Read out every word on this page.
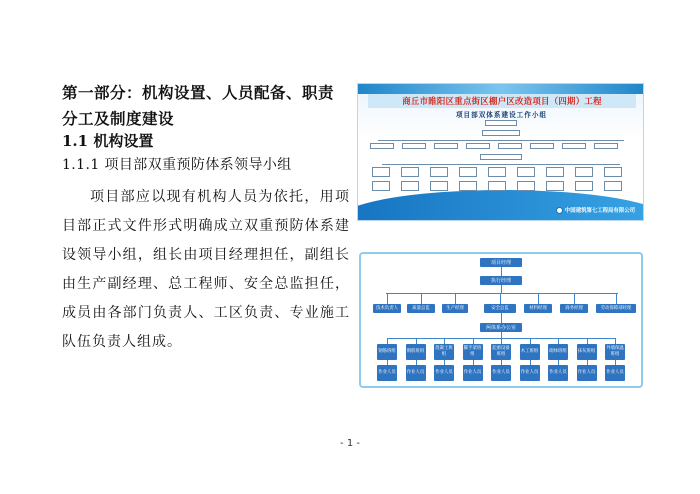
第一部分：机构设置、人员配备、职责分工及制度建设
1.1 机构设置
1.1.1 项目部双重预防体系领导小组

项目部应以现有机构人员为依托，用项目部正式文件形式明确成立双重预防体系建设领导小组，组长由项目经理担任，副组长由生产副经理、总工程师、安全总监担任，成员由各部门负责人、工区负责、专业施工队伍负责人组成。

- 1 -
商丘市睢阳区重点街区棚户区改造项目（四期）工程
项目部双体系建设工作小组
中国建筑第七工程局有限公司
项目经理
执行经理
技术负责人	质量总监	生产经理	安全总监	材料经理	商务经理	劳动保障部经理
两体系办公室
钢筋班组
作业人员
钢筋班组
作业人员
混凝土班组
作业人员
脚手架班组
作业人员
起重设备班组
作业人员
木工班组
作业人员
砌体班组
作业人员
抹灰班组
作业人员
外墙保温班组
作业人员
